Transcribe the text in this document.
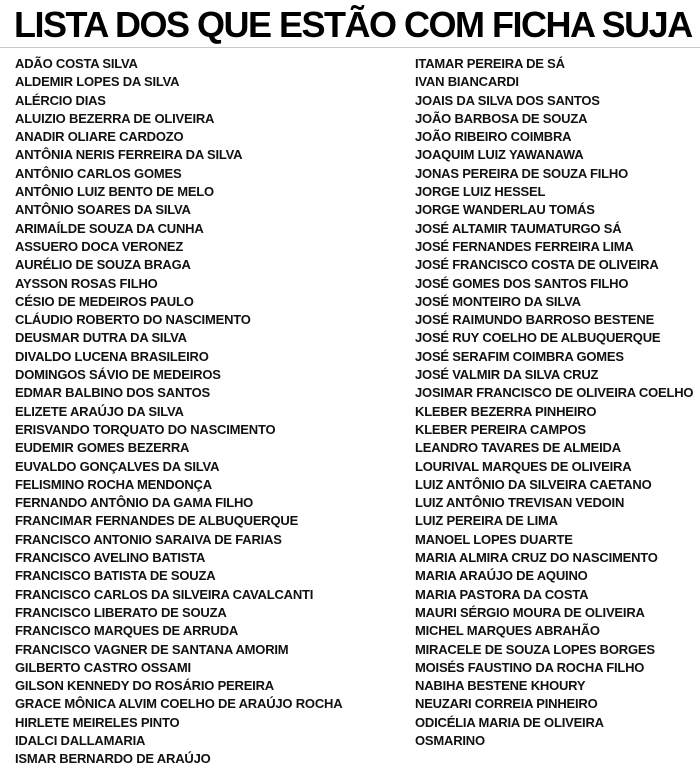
LISTA DOS QUE ESTÃO COM FICHA SUJA
ADÃO COSTA SILVA
ALDEMIR LOPES DA SILVA
ALÉRCIO DIAS
ALUIZIO BEZERRA DE OLIVEIRA
ANADIR OLIARE CARDOZO
ANTÔNIA NERIS FERREIRA DA SILVA
ANTÔNIO CARLOS GOMES
ANTÔNIO LUIZ BENTO DE MELO
ANTÔNIO SOARES DA SILVA
ARIMAÍLDE SOUZA DA CUNHA
ASSUERO DOCA VERONEZ
AURÉLIO DE SOUZA BRAGA
AYSSON ROSAS FILHO
CÉSIO DE MEDEIROS PAULO
CLÁUDIO ROBERTO DO NASCIMENTO
DEUSMAR DUTRA DA SILVA
DIVALDO LUCENA BRASILEIRO
DOMINGOS SÁVIO DE MEDEIROS
EDMAR BALBINO DOS SANTOS
ELIZETE ARAÚJO DA SILVA
ERISVANDO TORQUATO DO NASCIMENTO
EUDEMIR GOMES BEZERRA
EUVALDO GONÇALVES DA SILVA
FELISMINO ROCHA MENDONÇA
FERNANDO ANTÔNIO DA GAMA FILHO
FRANCIMAR FERNANDES DE ALBUQUERQUE
FRANCISCO ANTONIO SARAIVA DE FARIAS
FRANCISCO AVELINO BATISTA
FRANCISCO BATISTA DE SOUZA
FRANCISCO CARLOS DA SILVEIRA CAVALCANTI
FRANCISCO LIBERATO DE SOUZA
FRANCISCO MARQUES DE ARRUDA
FRANCISCO VAGNER DE SANTANA AMORIM
GILBERTO CASTRO OSSAMI
GILSON KENNEDY DO ROSÁRIO PEREIRA
GRACE MÔNICA ALVIM COELHO DE ARAÚJO ROCHA
HIRLETE MEIRELES PINTO
IDALCI DALLAMARIA
ISMAR BERNARDO DE ARAÚJO
ITAMAR PEREIRA DE SÁ
IVAN BIANCARDI
JOAIS DA SILVA DOS SANTOS
JOÃO BARBOSA DE SOUZA
JOÃO RIBEIRO COIMBRA
JOAQUIM LUIZ YAWANAWA
JONAS PEREIRA DE SOUZA FILHO
JORGE LUIZ HESSEL
JORGE WANDERLAU TOMÁS
JOSÉ ALTAMIR TAUMATURGO SÁ
JOSÉ FERNANDES FERREIRA LIMA
JOSÉ FRANCISCO COSTA DE OLIVEIRA
JOSÉ GOMES DOS SANTOS FILHO
JOSÉ MONTEIRO DA SILVA
JOSÉ RAIMUNDO BARROSO BESTENE
JOSÉ RUY COELHO DE ALBUQUERQUE
JOSÉ SERAFIM COIMBRA GOMES
JOSÉ VALMIR DA SILVA CRUZ
JOSIMAR FRANCISCO DE OLIVEIRA COELHO
KLEBER BEZERRA PINHEIRO
KLEBER PEREIRA CAMPOS
LEANDRO TAVARES DE ALMEIDA
LOURIVAL MARQUES DE OLIVEIRA
LUIZ ANTÔNIO DA SILVEIRA CAETANO
LUIZ ANTÔNIO TREVISAN VEDOIN
LUIZ PEREIRA DE LIMA
MANOEL LOPES DUARTE
MARIA ALMIRA CRUZ DO NASCIMENTO
MARIA ARAÚJO DE AQUINO
MARIA PASTORA DA COSTA
MAURI SÉRGIO MOURA DE OLIVEIRA
MICHEL MARQUES ABRAHÃO
MIRACELE DE SOUZA LOPES BORGES
MOISÉS FAUSTINO DA ROCHA FILHO
NABIHA BESTENE KHOURY
NEUZARI CORREIA PINHEIRO
ODICÉLIA MARIA DE OLIVEIRA
OSMARINO
